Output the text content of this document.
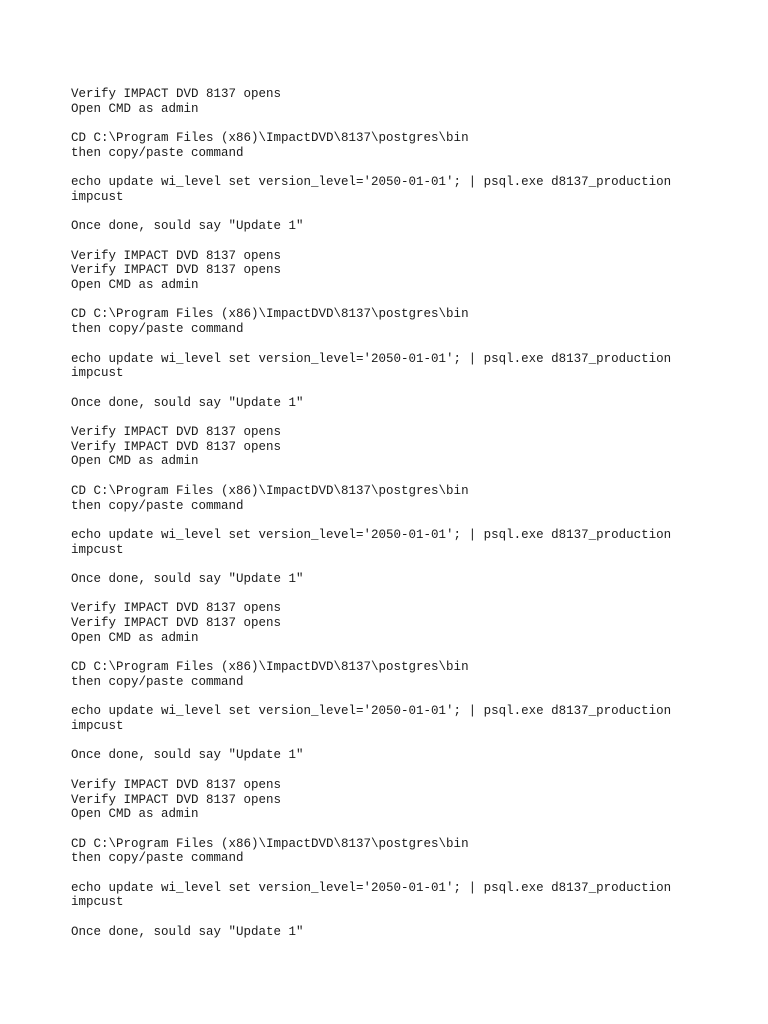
Verify IMPACT DVD 8137 opens
Open CMD as admin
CD C:\Program Files (x86)\ImpactDVD\8137\postgres\bin
then copy/paste command
echo update wi_level set version_level='2050-01-01'; | psql.exe d8137_production
impcust
Once done, sould say "Update 1"
Verify IMPACT DVD 8137 opens
Verify IMPACT DVD 8137 opens
Open CMD as admin
CD C:\Program Files (x86)\ImpactDVD\8137\postgres\bin
then copy/paste command
echo update wi_level set version_level='2050-01-01'; | psql.exe d8137_production
impcust
Once done, sould say "Update 1"
Verify IMPACT DVD 8137 opens
Verify IMPACT DVD 8137 opens
Open CMD as admin
CD C:\Program Files (x86)\ImpactDVD\8137\postgres\bin
then copy/paste command
echo update wi_level set version_level='2050-01-01'; | psql.exe d8137_production
impcust
Once done, sould say "Update 1"
Verify IMPACT DVD 8137 opens
Verify IMPACT DVD 8137 opens
Open CMD as admin
CD C:\Program Files (x86)\ImpactDVD\8137\postgres\bin
then copy/paste command
echo update wi_level set version_level='2050-01-01'; | psql.exe d8137_production
impcust
Once done, sould say "Update 1"
Verify IMPACT DVD 8137 opens
Verify IMPACT DVD 8137 opens
Open CMD as admin
CD C:\Program Files (x86)\ImpactDVD\8137\postgres\bin
then copy/paste command
echo update wi_level set version_level='2050-01-01'; | psql.exe d8137_production
impcust
Once done, sould say "Update 1"
